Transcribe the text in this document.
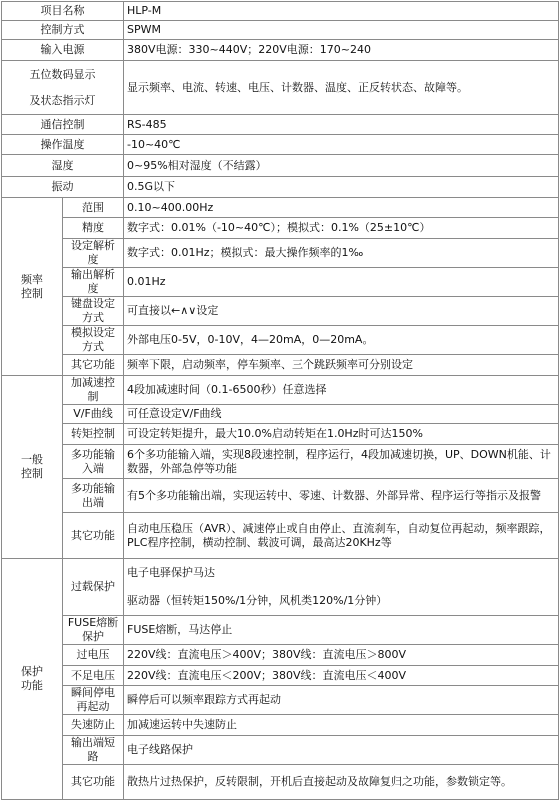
项目名称		HLP-M
控制方式		SPWM
输入电源		380V电源：330~440V；220V电源：170~240

五位数码显示
及状态指示灯		显示频率、电流、转速、电压、计数器、温度、正反转状态、故障等。
通信控制		RS-485
操作温度		-10~40℃
湿度		0~95%相对湿度（不结露）
振动		0.5G以下

频率
控制	范围	0.10~400.00Hz
	精度	数字式：0.01%（-10~40℃）；模拟式：0.1%（25±10℃）
	设定解析度	数字式：0.01Hz；模拟式：最大操作频率的1‰
	输出解析度	0.01Hz
	键盘设定方式	可直接以←∧∨设定
	模拟设定方式	外部电压0-5V，0-10V，4—20mA，0—20mA。
	其它功能	频率下限，启动频率，停车频率、三个跳跃频率可分别设定

一般
控制	加减速控制	4段加减速时间（0.1-6500秒）任意选择
	V/F曲线	可任意设定V/F曲线
	转矩控制	可设定转矩提升，最大10.0%启动转矩在1.0Hz时可达150%
	多功能输入端	6个多功能输入端，实现8段速控制，程序运行，4段加减速切换，UP、DOWN机能、计数器，外部急停等功能
	多功能输出端	有5个多功能输出端，实现运转中、零速、计数器、外部异常、程序运行等指示及报警
	其它功能	自动电压稳压（AVR）、减速停止或自由停止、直流刹车，自动复位再起动，频率跟踪，PLC程序控制，横动控制、载波可调，最高达20KHz等

保护
功能	过载保护	电子电驿保护马达
驱动器（恒转矩150%/1分钟，风机类120%/1分钟）

	FUSE熔断保护	FUSE熔断，马达停止
	过电压	220V线：直流电压＞400V；380V线：直流电压＞800V
	不足电压	220V线：直流电压＜200V；380V线：直流电压＜400V
	瞬间停电再起动	瞬停后可以频率跟踪方式再起动
	失速防止	加减速运转中失速防止
	输出端短路	电子线路保护
	其它功能	散热片过热保护，反转限制，开机后直接起动及故障复归之功能，参数锁定等。
